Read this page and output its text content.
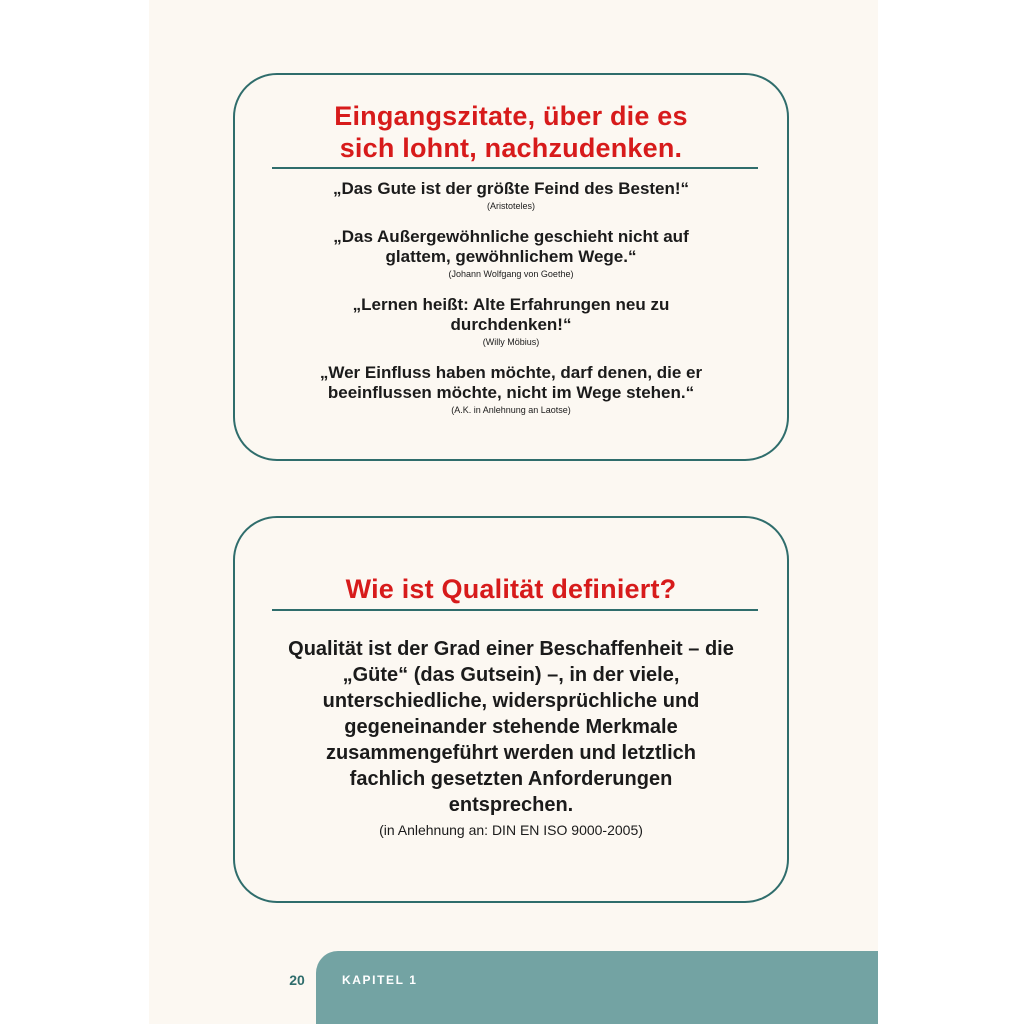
Eingangszitate, über die es
sich lohnt, nachzudenken.
„Das Gute ist der größte Feind des Besten!“
(Aristoteles)
„Das Außergewöhnliche geschieht nicht auf
glattem, gewöhnlichem Wege.“
(Johann Wolfgang von Goethe)
„Lernen heißt: Alte Erfahrungen neu zu
durchdenken!“
(Willy Möbius)
„Wer Einfluss haben möchte, darf denen, die er
beeinflussen möchte, nicht im Wege stehen.“
(A.K. in Anlehnung an Laotse)
Wie ist Qualität definiert?
Qualität ist der Grad einer Beschaffenheit – die
„Güte“ (das Gutsein) –, in der viele,
unterschiedliche, widersprüchliche und
gegeneinander stehende Merkmale
zusammengeführt werden und letztlich
fachlich gesetzten Anforderungen
entsprechen.
(in Anlehnung an: DIN EN ISO 9000-2005)
20	KAPITEL 1
